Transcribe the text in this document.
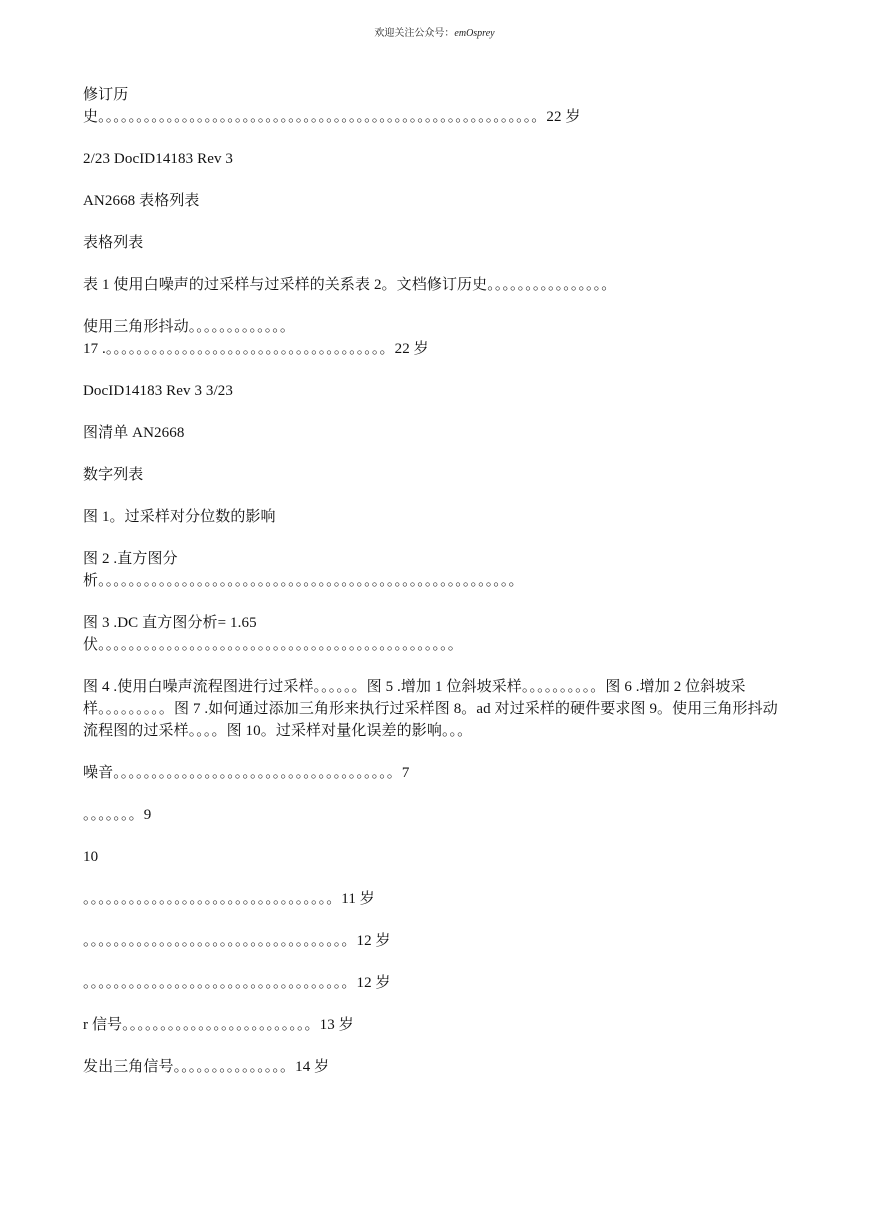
欢迎关注公众号：emOsprey
修订历
史。。。。。。。。。。。。。。。。。。。。。。。。。。。。。。。。。。。。。。。。。。。。。。。。。。。。。。。。。。22 岁
2/23 DocID14183 Rev 3
AN2668 表格列表
表格列表
表 1 使用白噪声的过采样与过采样的关系表 2。文档修订历史。。。。。。。。。。。。。。。。
使用三角形抖动。。。。。。。。。。。。。
17 .。。。。。。。。。。。。。。。。。。。。。。。。。。。。。。。。。。。。。22 岁
DocID14183 Rev 3 3/23
图清单 AN2668
数字列表
图 1。过采样对分位数的影响
图 2 .直方图分
析。。。。。。。。。。。。。。。。。。。。。。。。。。。。。。。。。。。。。。。。。。。。。。。。。。。。。。。
图 3 .DC 直方图分析= 1.65
伏。。。。。。。。。。。。。。。。。。。。。。。。。。。。。。。。。。。。。。。。。。。。。。。
图 4 .使用白噪声流程图进行过采样。。。。。。图 5 .增加 1 位斜坡采样。。。。。。。。。。图 6 .增加 2 位斜坡采样。。。。。。。。。图 7 .如何通过添加三角形来执行过采样图 8。ad 对过采样的硬件要求图 9。使用三角形抖动流程图的过采样。。。。图 10。过采样对量化误差的影响。。。
噪音。。。。。。。。。。。。。。。。。。。。。。。。。。。。。。。。。。。。。7
。。。。。。。9
10
。。。。。。。。。。。。。。。。。。。。。。。。。。。。。。。。。11 岁
。。。。。。。。。。。。。。。。。。。。。。。。。。。。。。。。。。。12 岁
。。。。。。。。。。。。。。。。。。。。。。。。。。。。。。。。。。。12 岁
r 信号。。。。。。。。。。。。。。。。。。。。。。。。。13 岁
发出三角信号。。。。。。。。。。。。。。。14 岁
